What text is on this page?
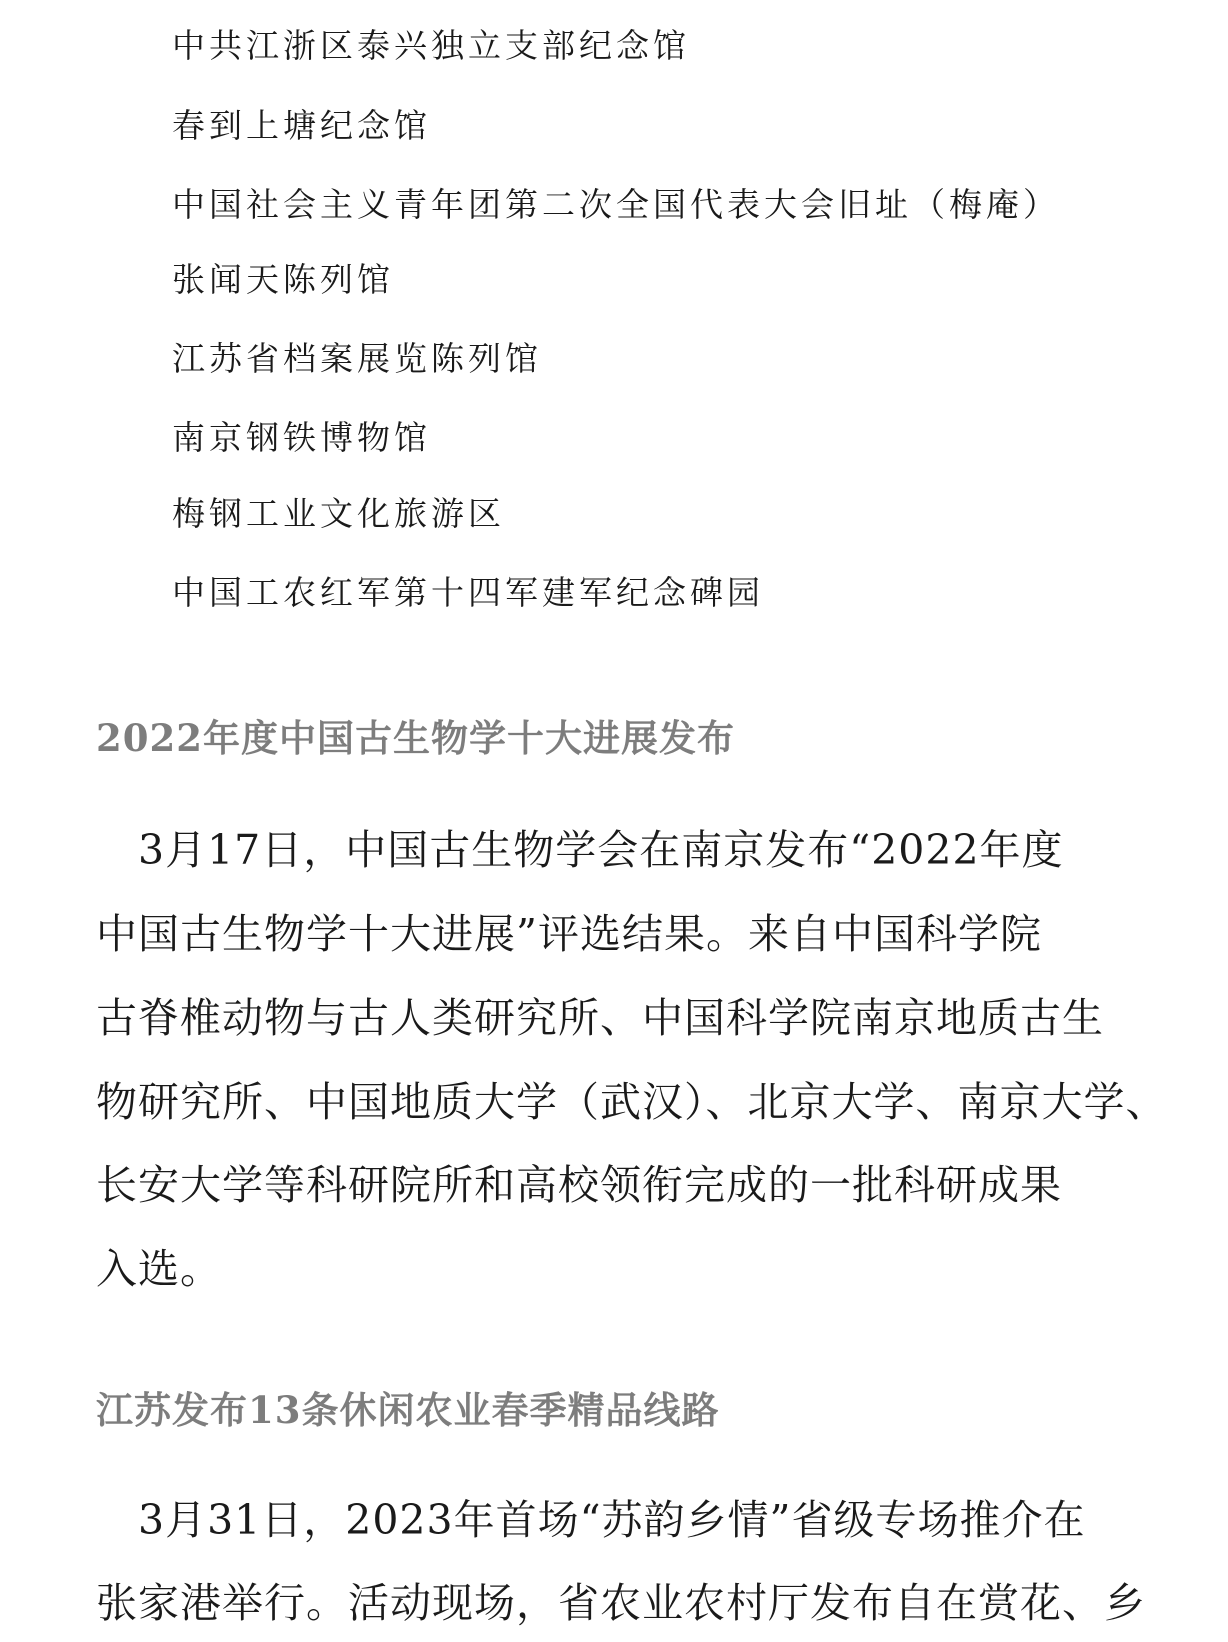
中共江浙区泰兴独立支部纪念馆
春到上塘纪念馆
中国社会主义青年团第二次全国代表大会旧址（梅庵）
张闻天陈列馆
江苏省档案展览陈列馆
南京钢铁博物馆
梅钢工业文化旅游区
中国工农红军第十四军建军纪念碑园
2022年度中国古生物学十大进展发布
　3月17日，中国古生物学会在南京发布“2022年度
中国古生物学十大进展”评选结果。来自中国科学院
古脊椎动物与古人类研究所、中国科学院南京地质古生
物研究所、中国地质大学（武汉）、北京大学、南京大学、
长安大学等科研院所和高校领衔完成的一批科研成果
入选。
江苏发布13条休闲农业春季精品线路
　3月31日，2023年首场“苏韵乡情”省级专场推介在
张家港举行。活动现场，省农业农村厅发布自在赏花、乡
